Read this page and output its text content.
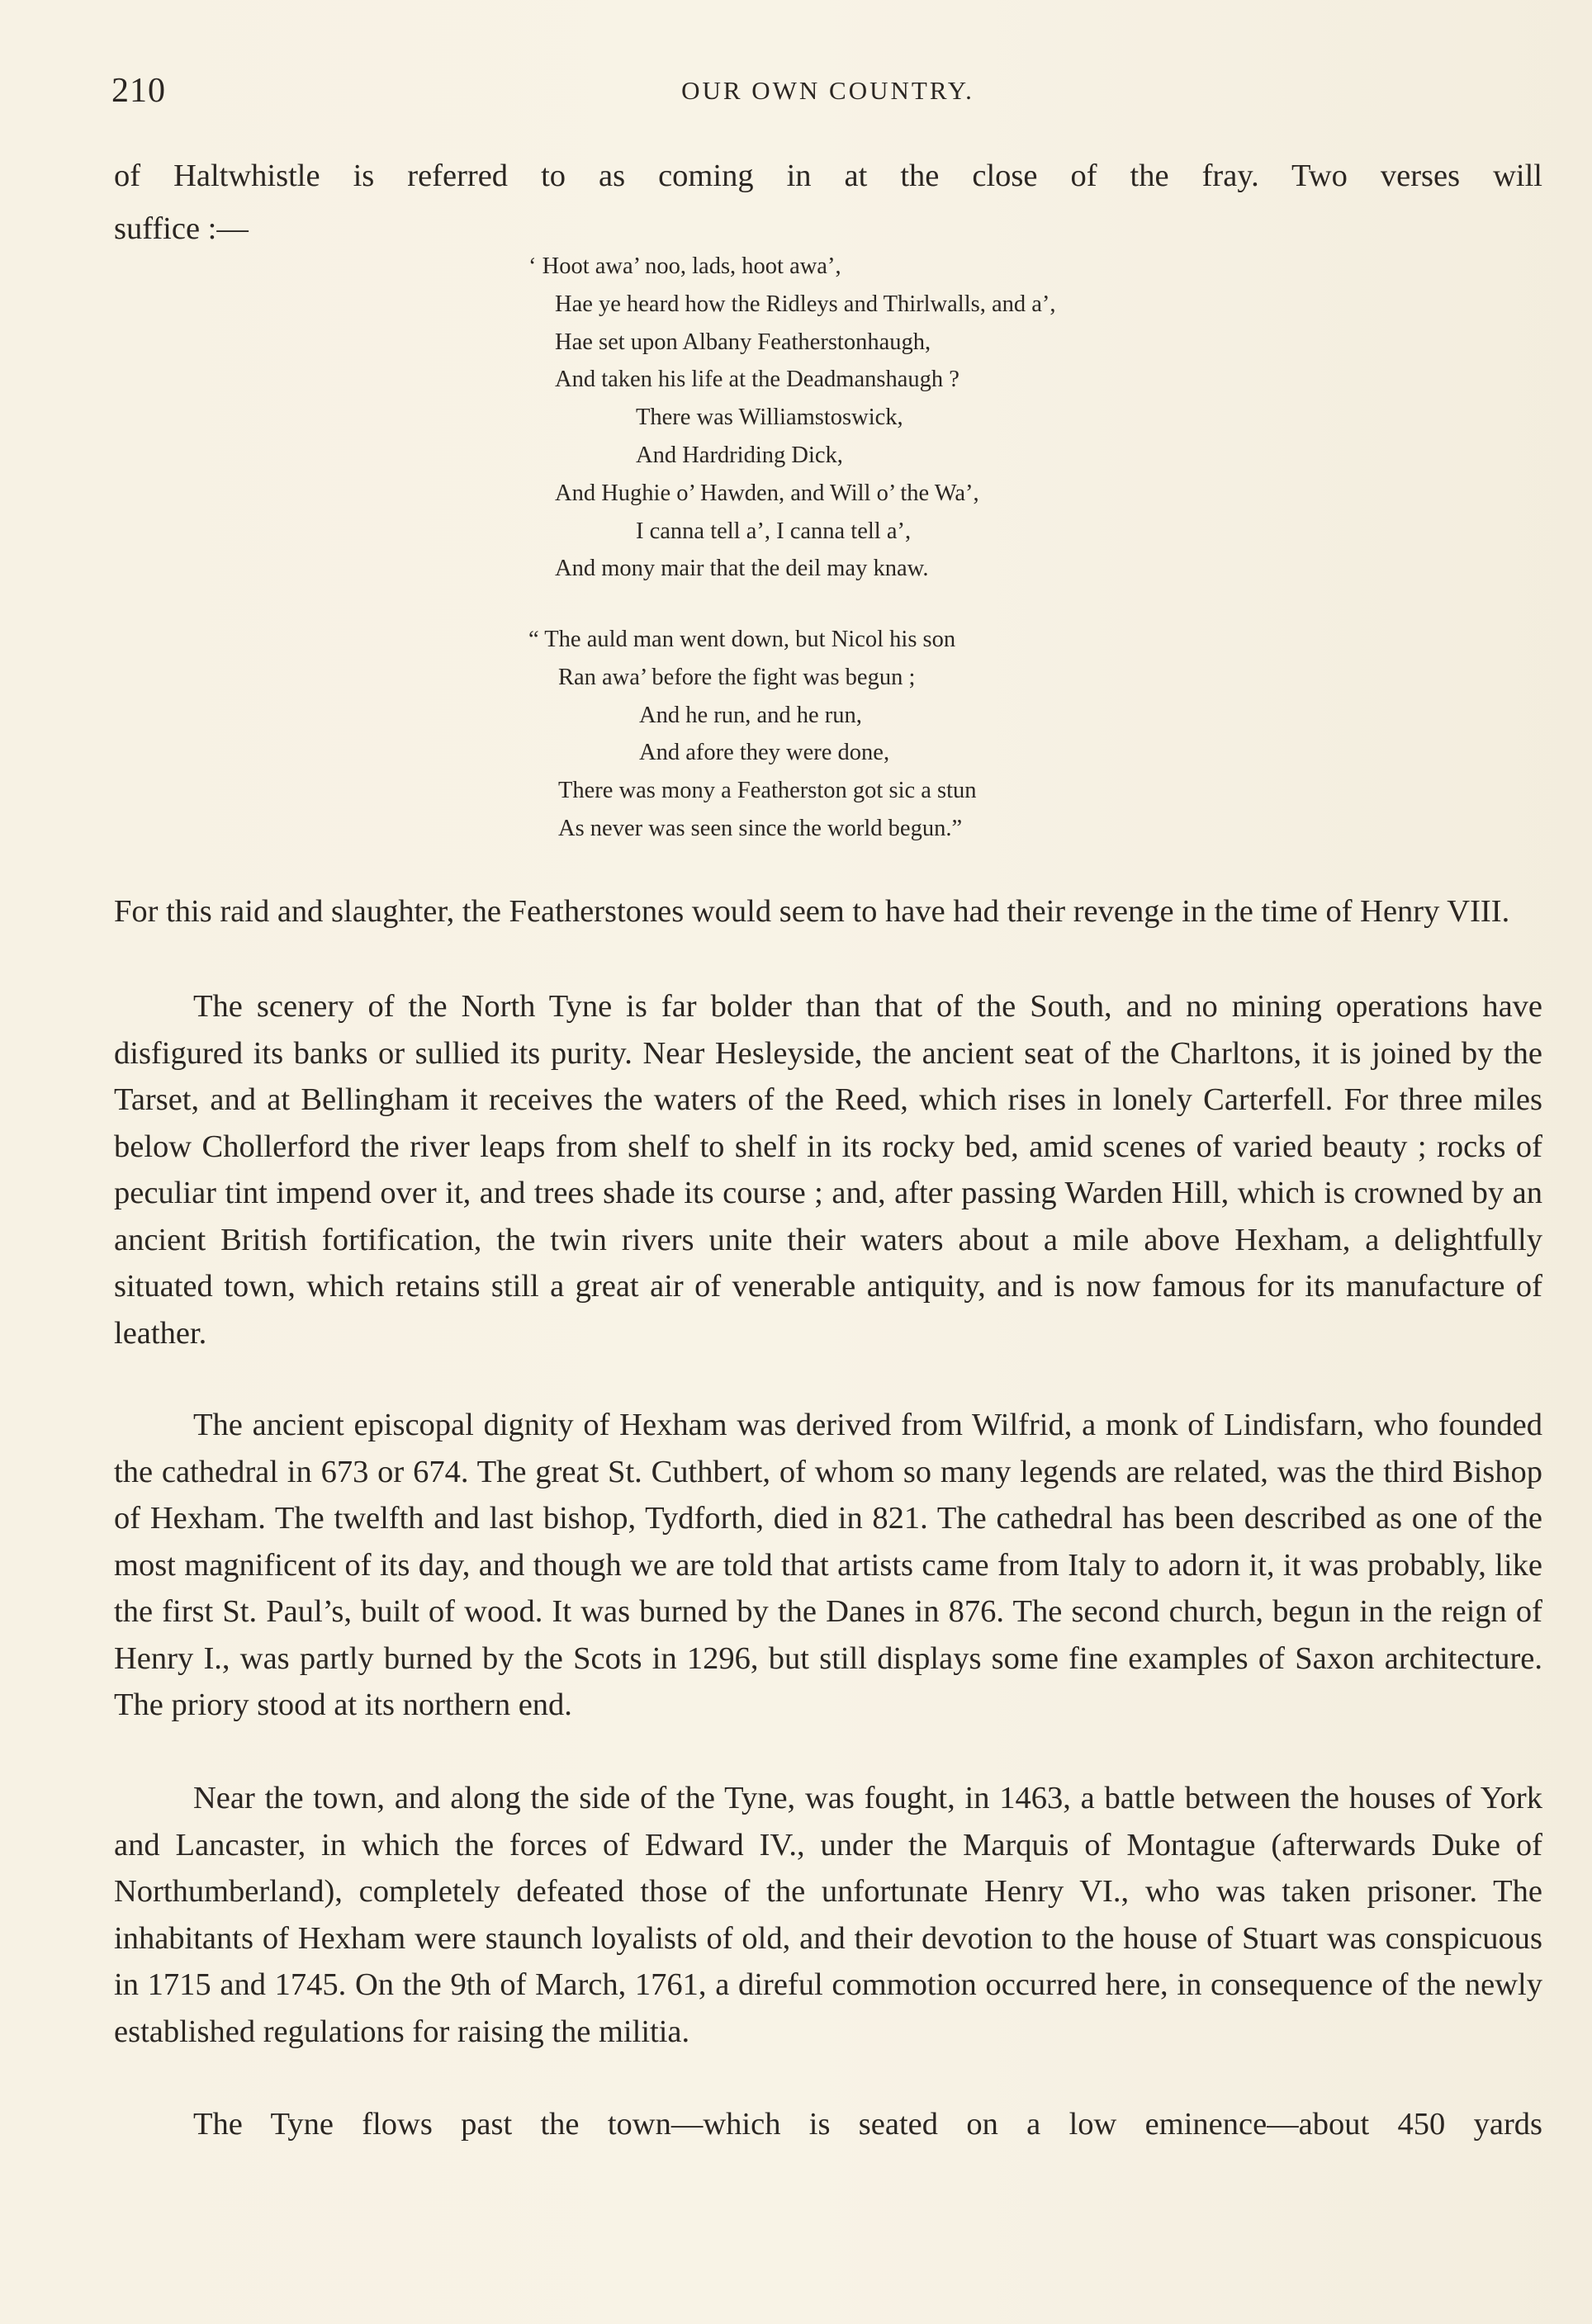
210	OUR OWN COUNTRY.

of Haltwhistle is referred to as coming in at the close of the fray. Two verses will

suffice :—

‘ Hoot awa’ noo, lads, hoot awa’,
Hae ye heard how the Ridleys and Thirlwalls, and a’,
Hae set upon Albany Featherstonhaugh,
And taken his life at the Deadmanshaugh ?
There was Williamstoswick,
And Hardriding Dick,
And Hughie o’ Hawden, and Will o’ the Wa’,
I canna tell a’, I canna tell a’,
And mony mair that the deil may knaw.
“ The auld man went down, but Nicol his son
Ran awa’ before the fight was begun ;
And he run, and he run,
And afore they were done,
There was mony a Featherston got sic a stun
As never was seen since the world begun.”

For this raid and slaughter, the Featherstones would seem to have had their revenge in the time of Henry VIII.

The scenery of the North Tyne is far bolder than that of the South, and no mining operations have disfigured its banks or sullied its purity. Near Hesleyside, the ancient seat of the Charltons, it is joined by the Tarset, and at Bellingham it receives the waters of the Reed, which rises in lonely Carterfell. For three miles below Chollerford the river leaps from shelf to shelf in its rocky bed, amid scenes of varied beauty ; rocks of peculiar tint impend over it, and trees shade its course ; and, after passing Warden Hill, which is crowned by an ancient British fortification, the twin rivers unite their waters about a mile above Hexham, a delightfully situated town, which retains still a great air of venerable antiquity, and is now famous for its manufacture of leather.

The ancient episcopal dignity of Hexham was derived from Wilfrid, a monk of Lindisfarn, who founded the cathedral in 673 or 674. The great St. Cuthbert, of whom so many legends are related, was the third Bishop of Hexham. The twelfth and last bishop, Tydforth, died in 821. The cathedral has been described as one of the most magnificent of its day, and though we are told that artists came from Italy to adorn it, it was probably, like the first St. Paul’s, built of wood. It was burned by the Danes in 876. The second church, begun in the reign of Henry I., was partly burned by the Scots in 1296, but still displays some fine examples of Saxon architecture. The priory stood at its northern end.

Near the town, and along the side of the Tyne, was fought, in 1463, a battle between the houses of York and Lancaster, in which the forces of Edward IV., under the Marquis of Montague (afterwards Duke of Northumberland), completely defeated those of the unfortunate Henry VI., who was taken prisoner. The inhabitants of Hexham were staunch loyalists of old, and their devotion to the house of Stuart was conspicuous in 1715 and 1745. On the 9th of March, 1761, a direful commotion occurred here, in consequence of the newly established regulations for raising the militia.

The Tyne flows past the town—which is seated on a low eminence—about 450 yards
